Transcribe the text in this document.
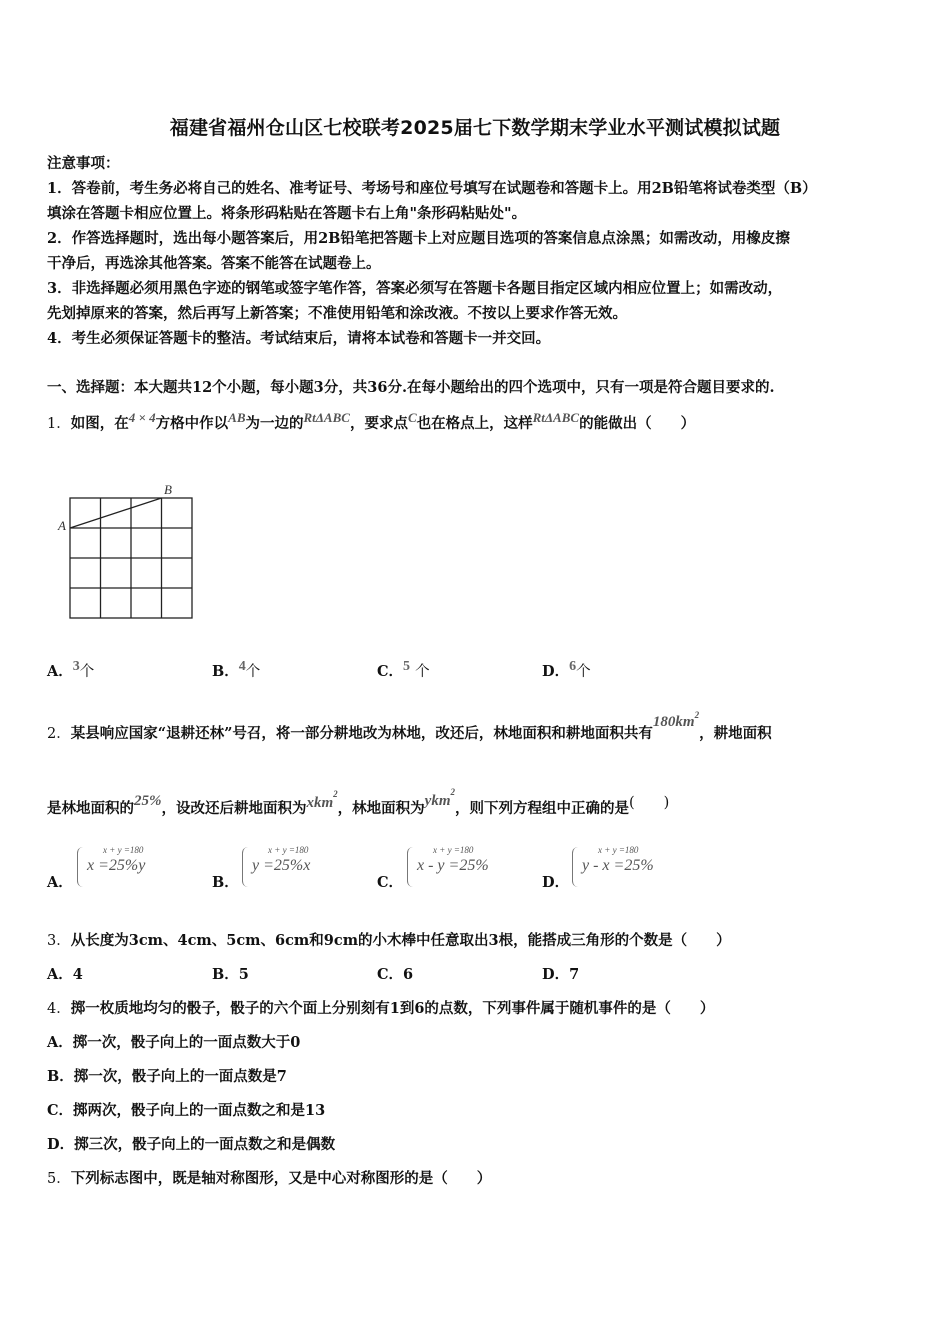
福建省福州仓山区七校联考2025届七下数学期末学业水平测试模拟试题
注意事项：
1．答卷前，考生务必将自己的姓名、准考证号、考场号和座位号填写在试题卷和答题卡上。用2B铅笔将试卷类型（B）
填涂在答题卡相应位置上。将条形码粘贴在答题卡右上角"条形码粘贴处"。
2．作答选择题时，选出每小题答案后，用2B铅笔把答题卡上对应题目选项的答案信息点涂黑；如需改动，用橡皮擦
干净后，再选涂其他答案。答案不能答在试题卷上。
3．非选择题必须用黑色字迹的钢笔或签字笔作答，答案必须写在答题卡各题目指定区域内相应位置上；如需改动，
先划掉原来的答案，然后再写上新答案；不准使用铅笔和涂改液。不按以上要求作答无效。
4．考生必须保证答题卡的整洁。考试结束后，请将本试卷和答题卡一并交回。
一、选择题：本大题共12个小题，每小题3分，共36分.在每小题给出的四个选项中，只有一项是符合题目要求的.
1．如图，在4 × 4方格中作以AB为一边的RtΔABC，要求点C也在格点上，这样RtΔABC的能做出（　　）
A
B
A．3个	B．4个	C．5 个	D．6个
2．某县响应国家“退耕还林”号召，将一部分耕地改为林地，改还后，林地面积和耕地面积共有$180km^2$，耕地面积
是林地面积的25%，设改还后耕地面积为xkm$^2$，林地面积为ykm$^2$，则下列方程组中正确的是(　　)
A．
x + y =180
x =25%y
B．
x + y =180
y =25%x
C．
x + y =180
x - y =25%
D．
x + y =180
y - x =25%
3．从长度为3cm、4cm、5cm、6cm和9cm的小木棒中任意取出3根，能搭成三角形的个数是（　　）
A．4	B．5	C．6	D．7
4．掷一枚质地均匀的骰子，骰子的六个面上分别刻有1到6的点数，下列事件属于随机事件的是（　　）
A．掷一次，骰子向上的一面点数大于0
B．掷一次，骰子向上的一面点数是7
C．掷两次，骰子向上的一面点数之和是13
D．掷三次，骰子向上的一面点数之和是偶数
5．下列标志图中，既是轴对称图形，又是中心对称图形的是（　　）
